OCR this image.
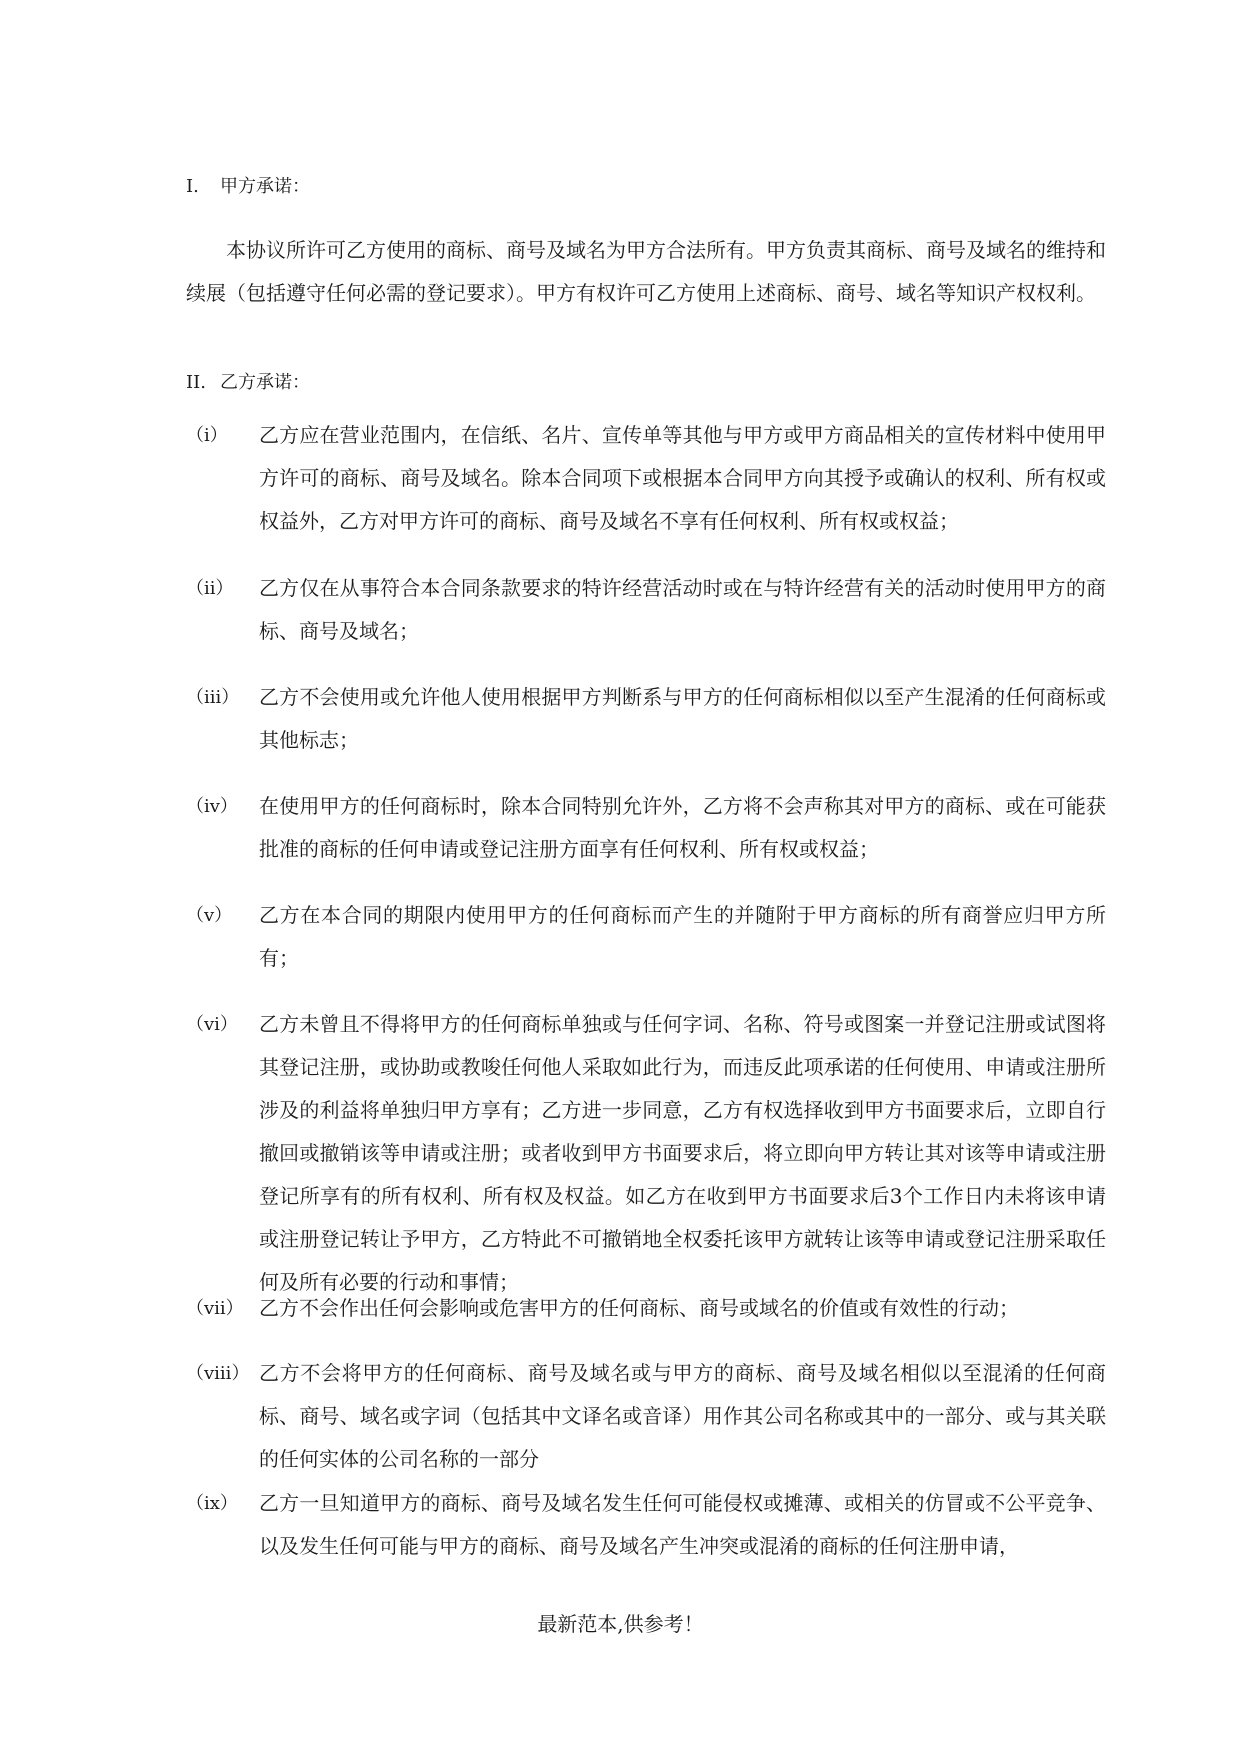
I. 甲方承诺：
本协议所许可乙方使用的商标、商号及域名为甲方合法所有。甲方负责其商标、商号及域名的维持和续展（包括遵守任何必需的登记要求）。甲方有权许可乙方使用上述商标、商号、域名等知识产权权利。
II. 乙方承诺：
（i） 乙方应在营业范围内，在信纸、名片、宣传单等其他与甲方或甲方商品相关的宣传材料中使用甲方许可的商标、商号及域名。除本合同项下或根据本合同甲方向其授予或确认的权利、所有权或权益外，乙方对甲方许可的商标、商号及域名不享有任何权利、所有权或权益；
（ii） 乙方仅在从事符合本合同条款要求的特许经营活动时或在与特许经营有关的活动时使用甲方的商标、商号及域名；
（iii） 乙方不会使用或允许他人使用根据甲方判断系与甲方的任何商标相似以至产生混淆的任何商标或其他标志；
（iv） 在使用甲方的任何商标时，除本合同特别允许外，乙方将不会声称其对甲方的商标、或在可能获批准的商标的任何申请或登记注册方面享有任何权利、所有权或权益；
（v） 乙方在本合同的期限内使用甲方的任何商标而产生的并随附于甲方商标的所有商誉应归甲方所有；
（vi） 乙方未曾且不得将甲方的任何商标单独或与任何字词、名称、符号或图案一并登记注册或试图将其登记注册，或协助或教唆任何他人采取如此行为，而违反此项承诺的任何使用、申请或注册所涉及的利益将单独归甲方享有；乙方进一步同意，乙方有权选择收到甲方书面要求后，立即自行撤回或撤销该等申请或注册；或者收到甲方书面要求后，将立即向甲方转让其对该等申请或注册登记所享有的所有权利、所有权及权益。如乙方在收到甲方书面要求后3个工作日内未将该申请或注册登记转让予甲方，乙方特此不可撤销地全权委托该甲方就转让该等申请或登记注册采取任何及所有必要的行动和事情；
（vii） 乙方不会作出任何会影响或危害甲方的任何商标、商号或域名的价值或有效性的行动；
（viii） 乙方不会将甲方的任何商标、商号及域名或与甲方的商标、商号及域名相似以至混淆的任何商标、商号、域名或字词（包括其中文译名或音译）用作其公司名称或其中的一部分、或与其关联的任何实体的公司名称的一部分
（ix） 乙方一旦知道甲方的商标、商号及域名发生任何可能侵权或摊薄、或相关的仿冒或不公平竞争、以及发生任何可能与甲方的商标、商号及域名产生冲突或混淆的商标的任何注册申请，
最新范本,供参考！
